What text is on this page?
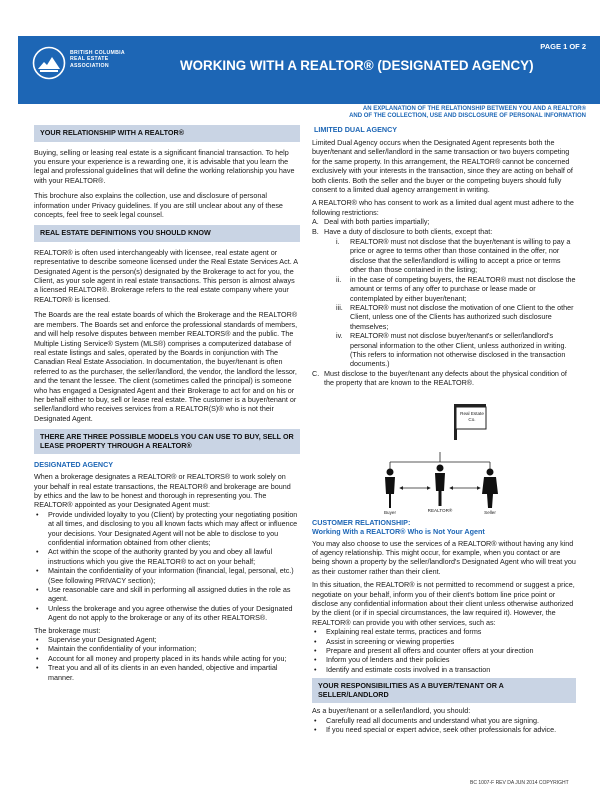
PAGE 1 OF 2
BRITISH COLUMBIA
REAL ESTATE
ASSOCIATION	WORKING WITH A REALTOR® (DESIGNATED AGENCY)
AN EXPLANATION OF THE RELATIONSHIP BETWEEN YOU AND A REALTOR®
AND OF THE COLLECTION, USE AND DISCLOSURE OF PERSONAL INFORMATION
YOUR RELATIONSHIP WITH A REALTOR®

Buying, selling or leasing real estate is a significant financial transaction. To help you ensure your experience is a rewarding one, it is advisable that you learn the legal and professional guidelines that will define the working relationship you have with your REALTOR®.

This brochure also explains the collection, use and disclosure of personal information under Privacy guidelines. If you are still unclear about any of these concepts, feel free to seek legal counsel.

REAL ESTATE DEFINITIONS YOU SHOULD KNOW

REALTOR® is often used interchangeably with licensee, real estate agent or representative to describe someone licensed under the Real Estate Services Act. A Designated Agent is the person(s) designated by the Brokerage to act for you, the Client, as your sole agent in real estate transactions. This person is almost always a licensed REALTOR®. Brokerage refers to the real estate company where your REALTOR® is licensed.

The Boards are the real estate boards of which the Brokerage and the REALTOR® are members. The Boards set and enforce the professional standards of members, and will help resolve disputes between member REALTORS® and the public. The Multiple Listing Service® System (MLS®) comprises a computerized database of real estate listings and sales, operated by the Boards in conjunction with The Canadian Real Estate Association. In documentation, the buyer/tenant is often referred to as the purchaser, the seller/landlord, the vendor, the landlord the lessor, and the tenant the lessee. The client (sometimes called the principal) is someone who has engaged a Designated Agent and their Brokerage to act for and on his or her behalf either to buy, sell or lease real estate. The customer is a buyer/tenant or seller/landlord who receives services from a REALTOR(S)® who is not their Designated Agent.

THERE ARE THREE POSSIBLE MODELS YOU CAN USE TO BUY, SELL OR LEASE PROPERTY THROUGH A REALTOR®
DESIGNATED AGENCY

When a brokerage designates a REALTOR® or REALTORS® to work solely on your behalf in real estate transactions, the REALTOR® and brokerage are bound by ethics and the law to be honest and thorough in representing you. The REALTOR® appointed as your Designated Agent must:

• Provide undivided loyalty to you (Client) by protecting your negotiating position at all times, and disclosing to you all known facts which may affect or influence your decisions. Your Designated Agent will not be able to disclose to you confidential information obtained from other clients;
• Act within the scope of the authority granted by you and obey all lawful instructions which you give the REALTOR® to act on your behalf;
• Maintain the confidentiality of your information (financial, legal, personal, etc.) (See following PRIVACY section);
• Use reasonable care and skill in performing all assigned duties in the role as agent.
• Unless the brokerage and you agree otherwise the duties of your Designated Agent do not apply to the brokerage or any of its other REALTORS®.

The brokerage must:

• Supervise your Designated Agent;
• Maintain the confidentiality of your information;
• Account for all money and property placed in its hands while acting for you;
• Treat you and all of its clients in an even handed, objective and impartial manner.
LIMITED DUAL AGENCY

Limited Dual Agency occurs when the Designated Agent represents both the buyer/tenant and seller/landlord in the same transaction or two buyers competing for the same property. In this arrangement, the REALTOR® cannot be concerned exclusively with your interests in the transaction, since they are acting on behalf of both clients. Both the seller and the buyer or the competing buyers should fully consent to a limited dual agency arrangement in writing.

A REALTOR® who has consent to work as a limited dual agent must adhere to the following restrictions:

A. Deal with both parties impartially;
B. Have a duty of disclosure to both clients, except that:
i. REALTOR® must not disclose that the buyer/tenant is willing to pay a price or agree to terms other than those contained in the offer, nor disclose that the seller/landlord is willing to accept a price or terms other than those contained in the listing;
ii. in the case of competing buyers, the REALTOR® must not disclose the amount or terms of any offer to purchase or lease made or contemplated by either buyer/tenant;
iii. REALTOR® must not disclose the motivation of one Client to the other Client, unless one of the Clients has authorized such disclosure themselves;
iv. REALTOR® must not disclose buyer/tenant's or seller/landlord's personal information to the other Client, unless authorized in writing. (This refers to information not otherwise disclosed in the transaction documents.)
C. Must disclose to the buyer/tenant any defects about the physical condition of the property that are known to the REALTOR®.
Real Estate
Co.
Buyer	REALTOR®	Seller
CUSTOMER RELATIONSHIP:
Working With a REALTOR® Who is Not Your Agent

You may also choose to use the services of a REALTOR® without having any kind of agency relationship. This might occur, for example, when you contact or are being shown a property by the seller/landlord's Designated Agent who will treat you as their customer rather than their client.

In this situation, the REALTOR® is not permitted to recommend or suggest a price, negotiate on your behalf, inform you of their client's bottom line price point or disclose any confidential information about their client unless otherwise authorized by the client (or if in special circumstances, the law required it). However, the REALTOR® can provide you with other services, such as:

• Explaining real estate terms, practices and forms
• Assist in screening or viewing properties
• Prepare and present all offers and counter offers at your direction
• Inform you of lenders and their policies
• Identify and estimate costs involved in a transaction
YOUR RESPONSIBILITIES AS A BUYER/TENANT OR A SELLER/LANDLORD

As a buyer/tenant or a seller/landlord, you should:

• Carefully read all documents and understand what you are signing.
• If you need special or expert advice, seek other professionals for advice.
BC 1007-F REV DA JUN 2014 COPYRIGHT
